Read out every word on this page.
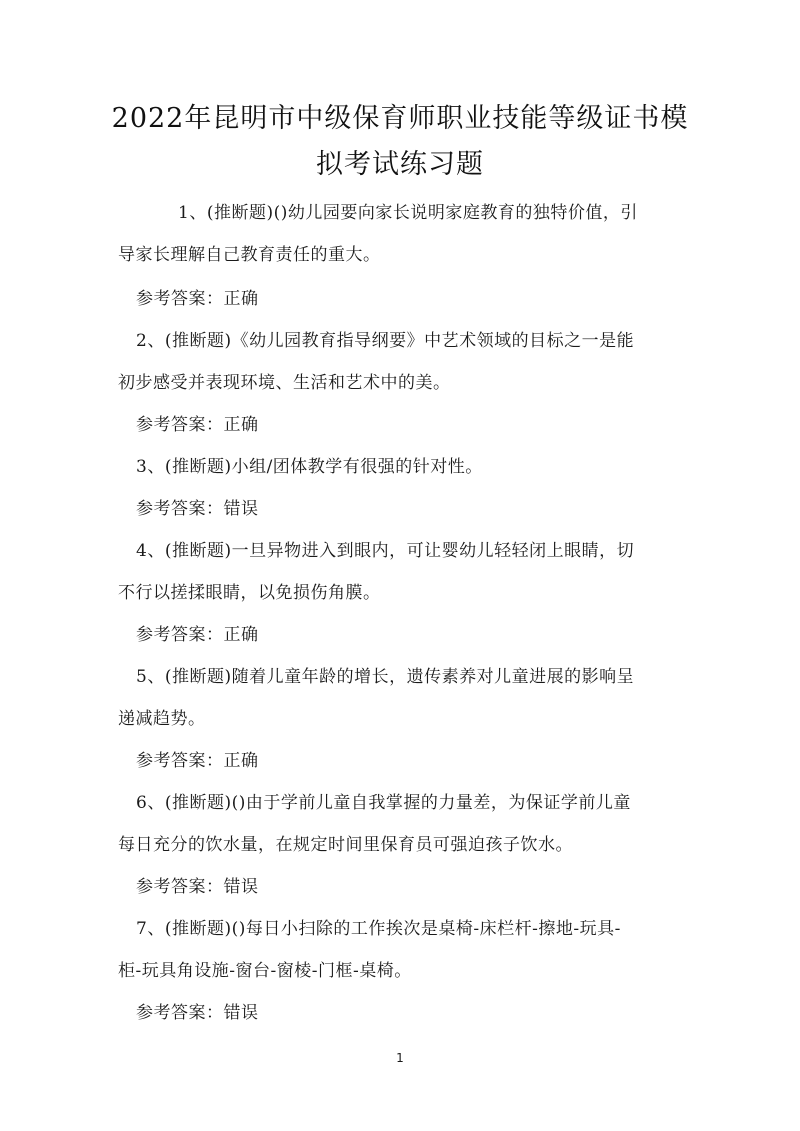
2022年昆明市中级保育师职业技能等级证书模
拟考试练习题
1、(推断题)()幼儿园要向家长说明家庭教育的独特价值，引
导家长理解自己教育责任的重大。
参考答案：正确
2、(推断题)《幼儿园教育指导纲要》中艺术领域的目标之一是能
初步感受并表现环境、生活和艺术中的美。
参考答案：正确
3、(推断题)小组/团体教学有很强的针对性。
参考答案：错误
4、(推断题)一旦异物进入到眼内，可让婴幼儿轻轻闭上眼睛，切
不行以搓揉眼睛，以免损伤角膜。
参考答案：正确
5、(推断题)随着儿童年龄的增长，遗传素养对儿童进展的影响呈
递减趋势。
参考答案：正确
6、(推断题)()由于学前儿童自我掌握的力量差，为保证学前儿童
每日充分的饮水量，在规定时间里保育员可强迫孩子饮水。
参考答案：错误
7、(推断题)()每日小扫除的工作挨次是桌椅-床栏杆-擦地-玩具-
柜-玩具角设施-窗台-窗棱-门框-桌椅。
参考答案：错误
1
